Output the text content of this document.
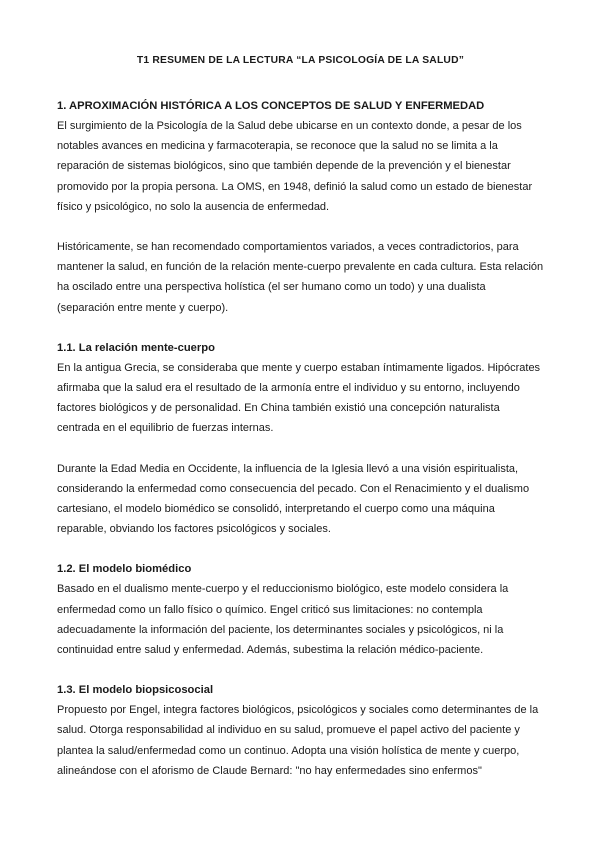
T1 RESUMEN DE LA LECTURA “LA PSICOLOGÍA DE LA SALUD”
1. APROXIMACIÓN HISTÓRICA A LOS CONCEPTOS DE SALUD Y ENFERMEDAD

El surgimiento de la Psicología de la Salud debe ubicarse en un contexto donde, a pesar de los notables avances en medicina y farmacoterapia, se reconoce que la salud no se limita a la reparación de sistemas biológicos, sino que también depende de la prevención y el bienestar promovido por la propia persona. La OMS, en 1948, definió la salud como un estado de bienestar físico y psicológico, no solo la ausencia de enfermedad.

Históricamente, se han recomendado comportamientos variados, a veces contradictorios, para mantener la salud, en función de la relación mente-cuerpo prevalente en cada cultura. Esta relación ha oscilado entre una perspectiva holística (el ser humano como un todo) y una dualista (separación entre mente y cuerpo).

1.1. La relación mente-cuerpo

En la antigua Grecia, se consideraba que mente y cuerpo estaban íntimamente ligados. Hipócrates afirmaba que la salud era el resultado de la armonía entre el individuo y su entorno, incluyendo factores biológicos y de personalidad. En China también existió una concepción naturalista centrada en el equilibrio de fuerzas internas.

Durante la Edad Media en Occidente, la influencia de la Iglesia llevó a una visión espiritualista, considerando la enfermedad como consecuencia del pecado. Con el Renacimiento y el dualismo cartesiano, el modelo biomédico se consolidó, interpretando el cuerpo como una máquina reparable, obviando los factores psicológicos y sociales.

1.2. El modelo biomédico

Basado en el dualismo mente-cuerpo y el reduccionismo biológico, este modelo considera la enfermedad como un fallo físico o químico. Engel criticó sus limitaciones: no contempla adecuadamente la información del paciente, los determinantes sociales y psicológicos, ni la continuidad entre salud y enfermedad. Además, subestima la relación médico-paciente.

1.3. El modelo biopsicosocial

Propuesto por Engel, integra factores biológicos, psicológicos y sociales como determinantes de la salud. Otorga responsabilidad al individuo en su salud, promueve el papel activo del paciente y plantea la salud/enfermedad como un continuo. Adopta una visión holística de mente y cuerpo, alineándose con el aforismo de Claude Bernard: "no hay enfermedades sino enfermos"
